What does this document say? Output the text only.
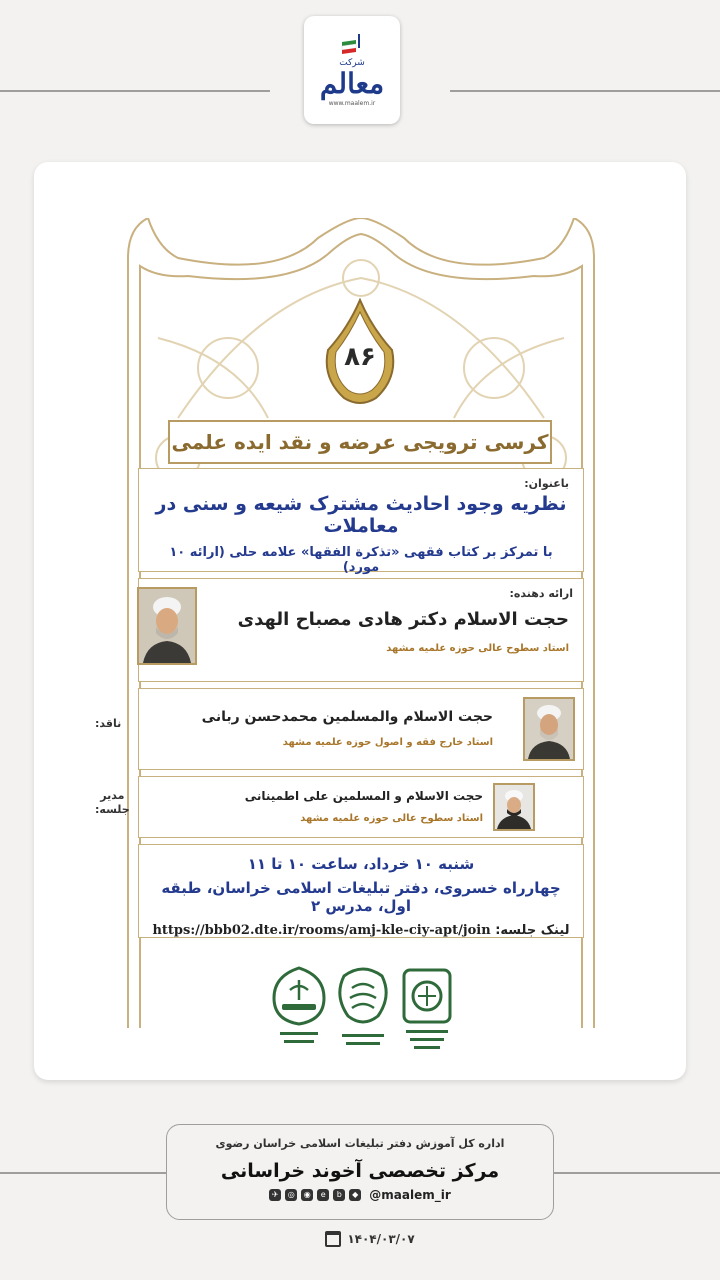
شرکت
معالم
www.maalem.ir
۸۶
کرسی ترویجی عرضه و نقد ایده علمی
باعنوان:
نظریه وجود احادیث مشترک شیعه و سنی در معاملات
با تمرکز بر کتاب فقهی «تذکرة الفقها» علامه حلی (ارائه ۱۰ مورد)
ارائه دهنده:
حجت الاسلام دکتر هادی مصباح الهدی
استاد سطوح عالی حوزه علمیه مشهد
ناقد:	حجت الاسلام والمسلمین محمدحسن ربانی
استاد خارج فقه و اصول حوزه علمیه مشهد
مدیر
جلسه:
حجت الاسلام و المسلمین علی اطمینانی
استاد سطوح عالی حوزه علمیه مشهد
شنبه ۱۰ خرداد، ساعت ۱۰ تا ۱۱
چهارراه خسروی، دفتر تبلیغات اسلامی خراسان، طبقه اول، مدرس ۲
لینک جلسه: https://bbb02.dte.ir/rooms/amj-kle-ciy-apt/join
اداره کل آموزش دفتر تبلیغات اسلامی خراسان رضوی
مرکز تخصصی آخوند خراسانی
✈	◎	◉	e	b	◆ @maalem_ir
۱۴۰۴/۰۳/۰۷
